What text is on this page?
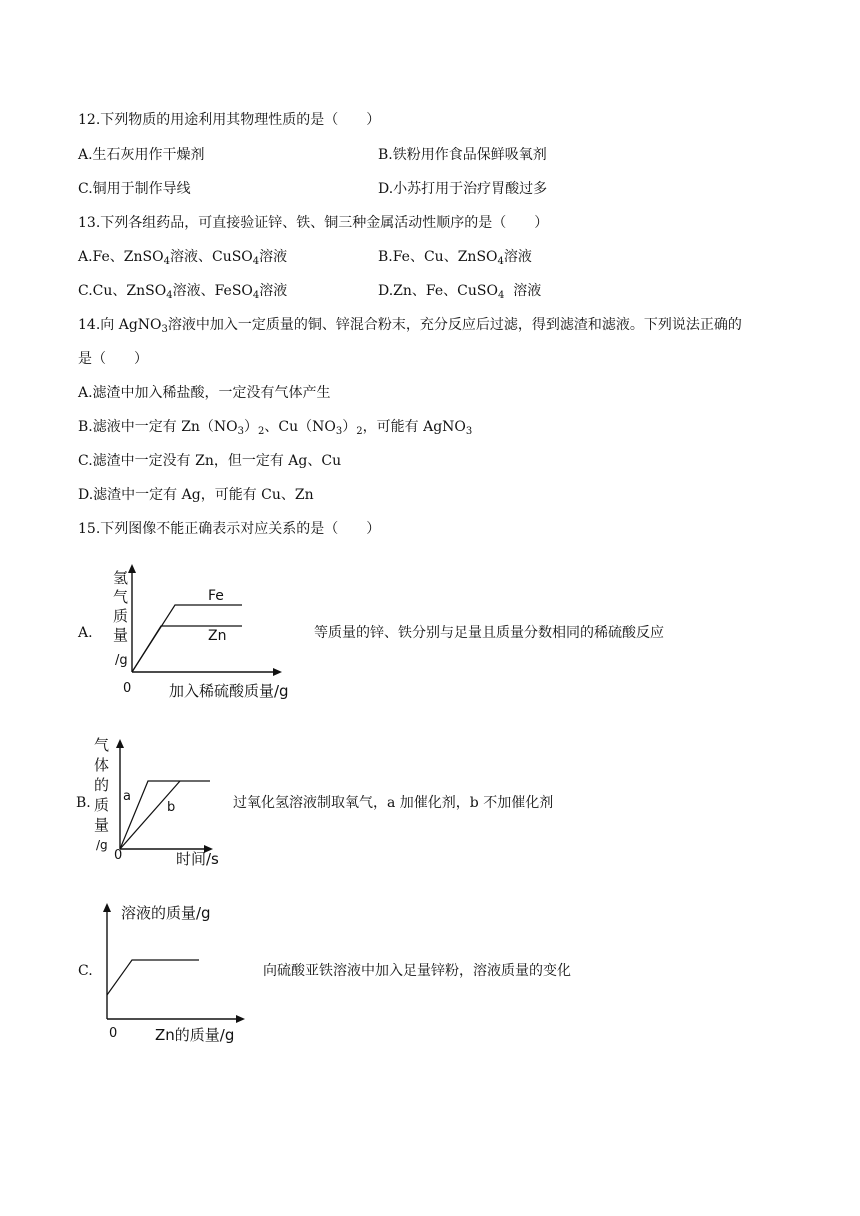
12.下列物质的用途利用其物理性质的是（　　）
A.生石灰用作干燥剂	B.铁粉用作食品保鲜吸氧剂
C.铜用于制作导线	D.小苏打用于治疗胃酸过多
13.下列各组药品，可直接验证锌、铁、铜三种金属活动性顺序的是（　　）
A.Fe、ZnSO$_4$溶液、CuSO$_4$溶液	B.Fe、Cu、ZnSO$_4$溶液
C.Cu、ZnSO$_4$溶液、FeSO$_4$溶液	D.Zn、Fe、CuSO$_4$  溶液
14.向 AgNO$_3$溶液中加入一定质量的铜、锌混合粉末，充分反应后过滤，得到滤渣和滤液。下列说法正确的
是（　　）
A.滤渣中加入稀盐酸，一定没有气体产生
B.滤液中一定有 $Zn(NO_3)_2$、$Cu(NO_3)_2$，可能有 AgNO$_3$
C.滤渣中一定没有 Zn，但一定有 Ag、Cu
D.滤渣中一定有 Ag，可能有 Cu、Zn
15.下列图像不能正确表示对应关系的是（　　）
A.
Fe
Zn
氢
气
质
量
/g
0	加入稀硫酸质量/g
等质量的锌、铁分别与足量且质量分数相同的稀硫酸反应
a
b
气
体
的
质
量
/g
0	时间/s
B.	过氧化氢溶液制取氧气，a 加催化剂，b 不加催化剂
C.
溶液的质量/g
0	Zn的质量/g
向硫酸亚铁溶液中加入足量锌粉，溶液质量的变化
